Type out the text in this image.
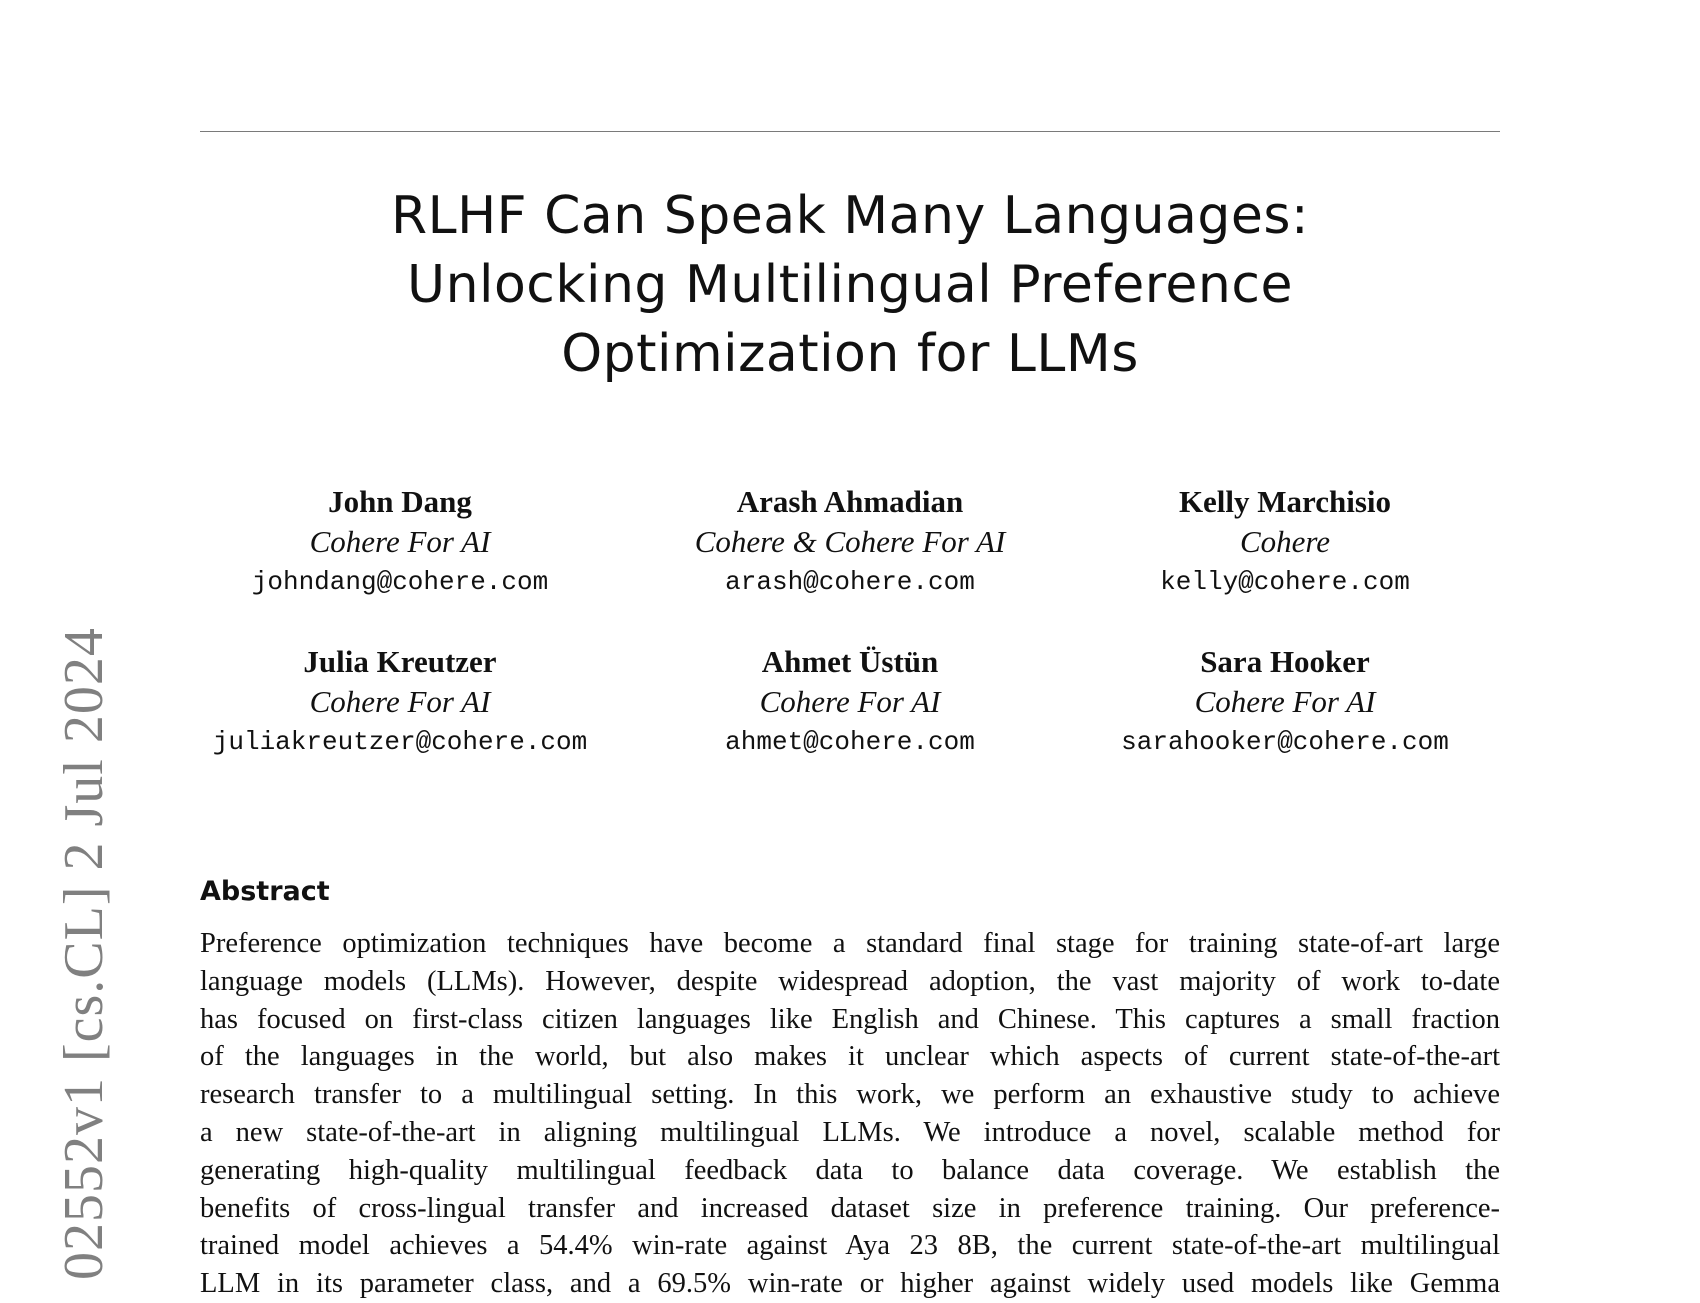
02552v1 [cs.CL] 2 Jul 2024
RLHF Can Speak Many Languages:
Unlocking Multilingual Preference
Optimization for LLMs
John Dang
Cohere For AI
johndang@cohere.com
Arash Ahmadian
Cohere & Cohere For AI
arash@cohere.com
Kelly Marchisio
Cohere
kelly@cohere.com
Julia Kreutzer
Cohere For AI
juliakreutzer@cohere.com
Ahmet Üstün
Cohere For AI
ahmet@cohere.com
Sara Hooker
Cohere For AI
sarahooker@cohere.com
Abstract
Preference optimization techniques have become a standard final stage for training state-of-art large
language models (LLMs). However, despite widespread adoption, the vast majority of work to-date
has focused on first-class citizen languages like English and Chinese. This captures a small fraction
of the languages in the world, but also makes it unclear which aspects of current state-of-the-art
research transfer to a multilingual setting. In this work, we perform an exhaustive study to achieve
a new state-of-the-art in aligning multilingual LLMs. We introduce a novel, scalable method for
generating high-quality multilingual feedback data to balance data coverage. We establish the
benefits of cross-lingual transfer and increased dataset size in preference training. Our preference-
trained model achieves a 54.4% win-rate against Aya 23 8B, the current state-of-the-art multilingual
LLM in its parameter class, and a 69.5% win-rate or higher against widely used models like Gemma
